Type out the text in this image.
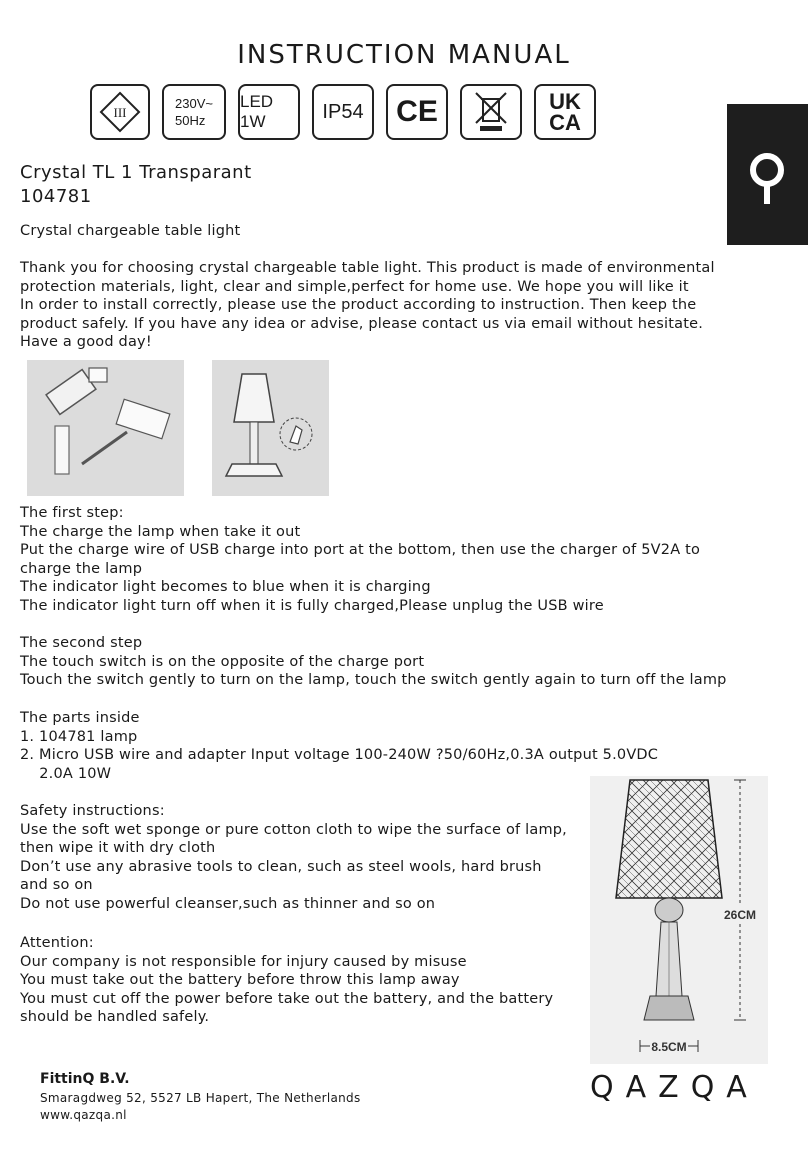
INSTRUCTION MANUAL
III
230V~
50Hz
LED 1W	IP54 CE	UK
CA
Crystal TL 1 Transparant
104781
Crystal chargeable table light
Thank you for choosing crystal chargeable table light. This product is made of environmental
protection materials, light, clear and simple,perfect for home use. We hope you will like it
In order to install correctly, please use the product according to instruction. Then keep the
product safely. If you have any idea or advise, please contact us via email without hesitate.
Have a good day!
The first step:
The charge the lamp when take it out
Put the charge wire of USB charge into port at the bottom, then use the charger of 5V2A to
charge the lamp
The indicator light becomes to blue when it is charging
The indicator light turn off when it is fully charged,Please unplug the USB wire
The second step
The touch switch is on the opposite of the charge port
Touch the switch gently to turn on the lamp, touch the switch gently again to turn off the lamp
The parts inside
1. 104781 lamp
2. Micro USB wire and adapter Input voltage 100-240W ?50/60Hz,0.3A output 5.0VDC
2.0A 10W
Safety instructions:
Use the soft wet sponge or pure cotton cloth to wipe the surface of lamp,
then wipe it with dry cloth
Don’t use any abrasive tools to clean, such as steel wools, hard brush
and so on
Do not use powerful cleanser,such as thinner and so on
Attention:
Our company is not responsible for injury caused by misuse
You must take out the battery before throw this lamp away
You must cut off the power before take out the battery, and the battery
should be handled safely.
26CM
8.5CM
FittinQ B.V.
Smaragdweg 52, 5527 LB Hapert, The Netherlands
www.qazqa.nl
QAZQA
